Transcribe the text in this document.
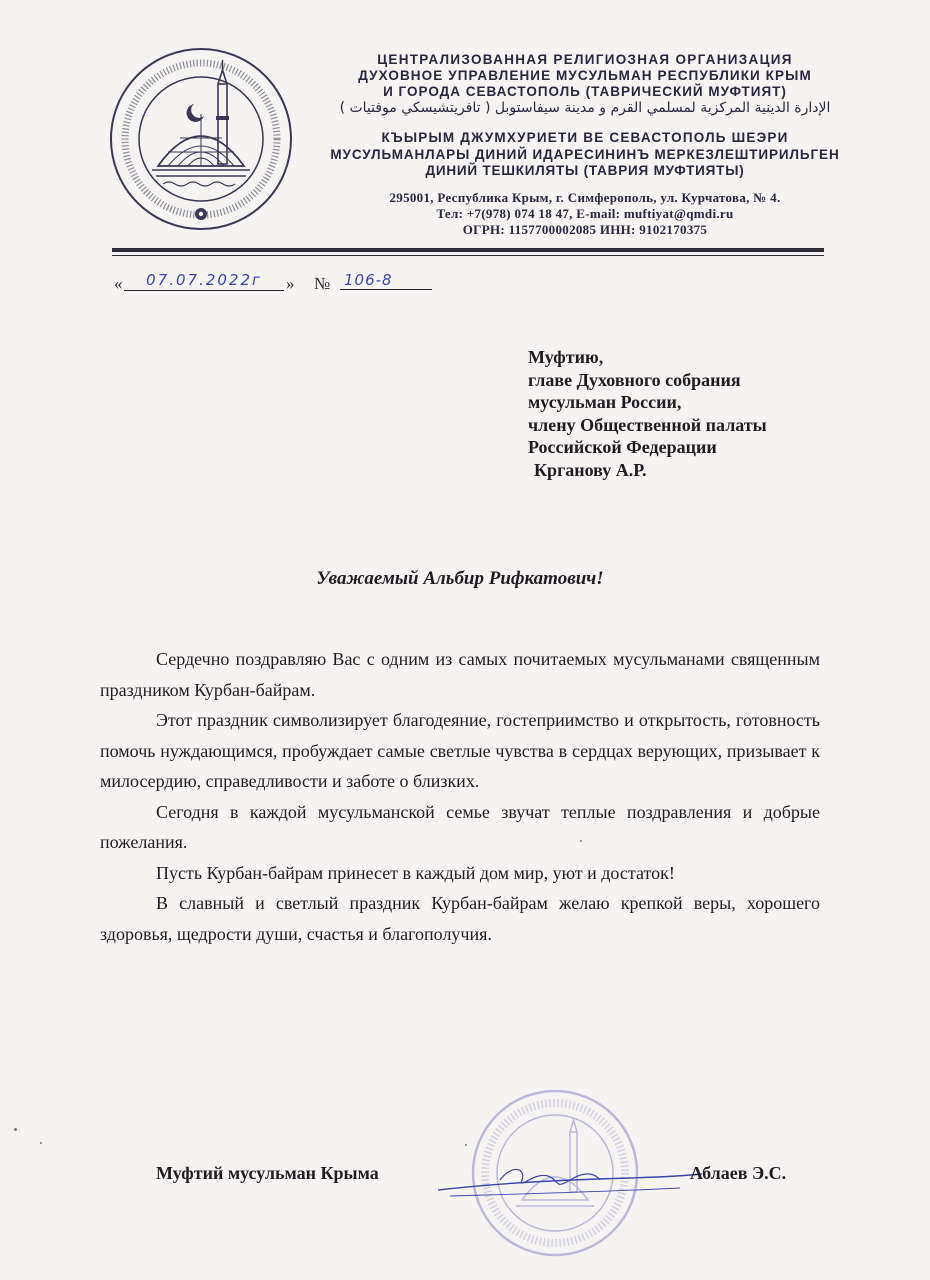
ЦЕНТРАЛИЗОВАННАЯ РЕЛИГИОЗНАЯ ОРГАНИЗАЦИЯ
ДУХОВНОЕ УПРАВЛЕНИЕ МУСУЛЬМАН РЕСПУБЛИКИ КРЫМ
И ГОРОДА СЕВАСТОПОЛЬ (ТАВРИЧЕСКИЙ МУФТИЯТ)
الإدارة الدينية المركزية لمسلمي القرم و مدينة سيفاستوبل ( تافريتشيسكي موفتيات )
КЪЫРЫМ ДЖУМХУРИЕТИ ВЕ СЕВАСТОПОЛЬ ШЕЭРИ
МУСУЛЬМАНЛАРЫ ДИНИЙ ИДАРЕСИНИНЪ МЕРКЕЗЛЕШТИРИЛЬГЕН
ДИНИЙ ТЕШКИЛЯТЫ (ТАВРИЯ МУФТИЯТЫ)
295001, Республика Крым, г. Симферополь, ул. Курчатова, № 4.
Тел: +7(978) 074 18 47, E-mail: muftiyat@qmdi.ru
ОГРН: 1157700002085 ИНН: 9102170375
«	07.07.2022г	» № 106-8
Муфтию,
главе Духовного собрания
мусульман России,
члену Общественной палаты
Российской Федерации
Крганову А.Р.
Уважаемый Альбир Рифкатович!

Сердечно поздравляю Вас с одним из самых почитаемых мусульманами священным праздником Курбан-байрам.

Этот праздник символизирует благодеяние, гостеприимство и открытость, готовность помочь нуждающимся, пробуждает самые светлые чувства в сердцах верующих, призывает к милосердию, справедливости и заботе о близких.

Сегодня в каждой мусульманской семье звучат теплые поздравления и добрые пожелания.

Пусть Курбан-байрам принесет в каждый дом мир, уют и достаток!

В славный и светлый праздник Курбан-байрам желаю крепкой веры, хорошего здоровья, щедрости души, счастья и благополучия.

Муфтий мусульман Крыма	Аблаев Э.С.
